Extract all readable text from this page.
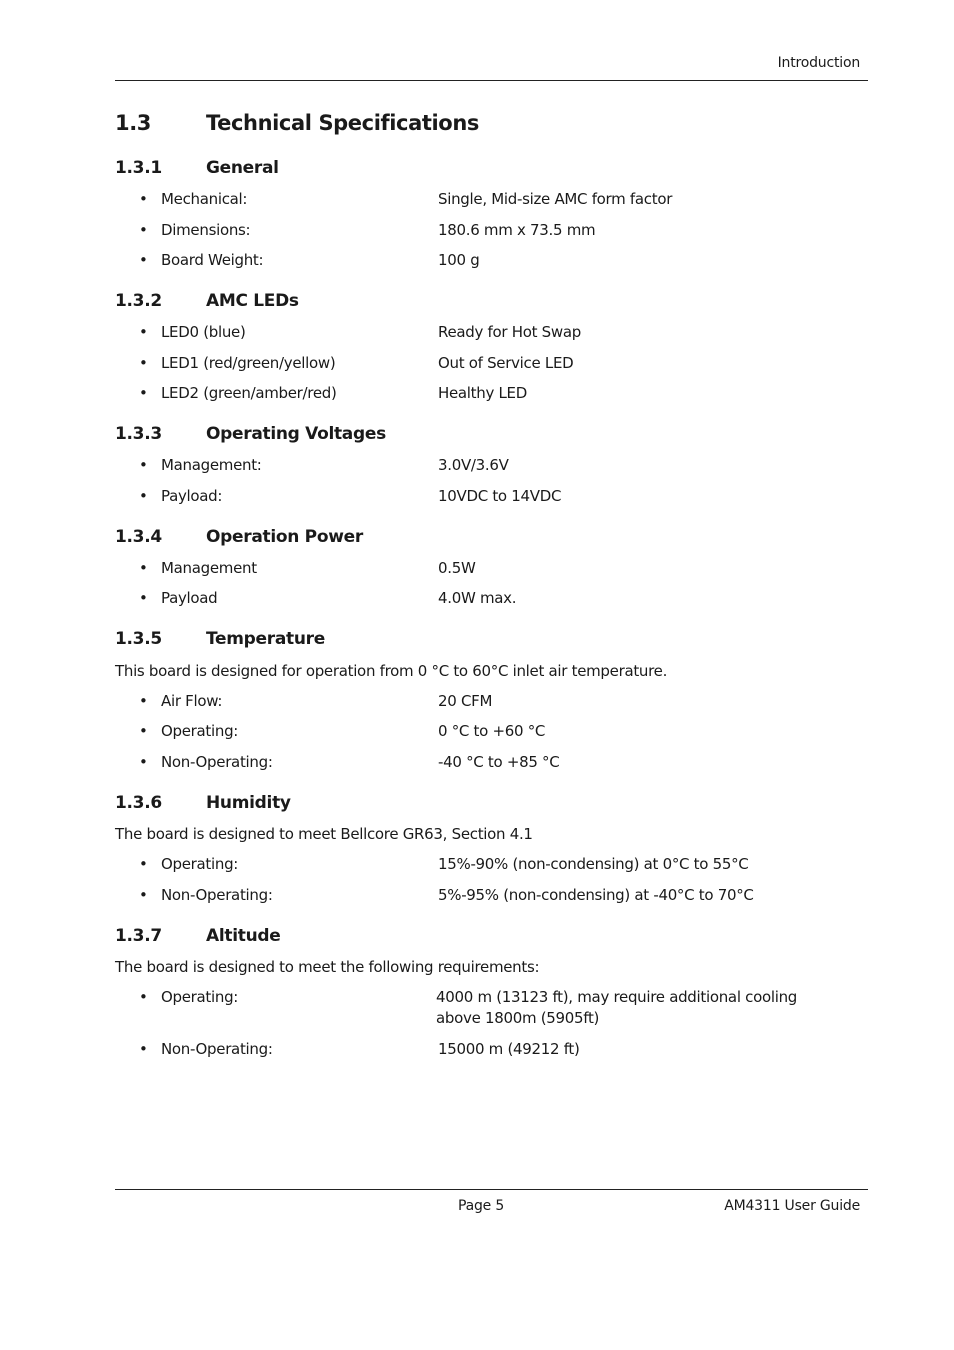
Introduction
1.3	Technical Specifications
1.3.1	General
• Mechanical:	Single, Mid-size AMC form factor
• Dimensions:	180.6 mm x 73.5 mm
• Board Weight:	100 g
1.3.2	AMC LEDs
• LED0 (blue)	Ready for Hot Swap
• LED1 (red/green/yellow)	Out of Service LED
• LED2 (green/amber/red)	Healthy LED
1.3.3	Operating Voltages
• Management:	3.0V/3.6V
• Payload:	10VDC to 14VDC
1.3.4	Operation Power
• Management	0.5W
• Payload	4.0W max.
1.3.5	Temperature
This board is designed for operation from 0 °C to 60°C inlet air temperature.
• Air Flow:	20 CFM
• Operating:	0 °C to +60 °C
• Non-Operating:	-40 °C to +85 °C
1.3.6	Humidity
The board is designed to meet Bellcore GR63, Section 4.1
• Operating:	15%-90% (non-condensing) at 0°C to 55°C
• Non-Operating:	5%-95% (non-condensing) at -40°C to 70°C
1.3.7	Altitude
The board is designed to meet the following requirements:
• Operating:	4000 m (13123 ft), may require additional cooling above 1800m (5905ft)
• Non-Operating:	15000 m (49212 ft)
Page 5	AM4311 User Guide
